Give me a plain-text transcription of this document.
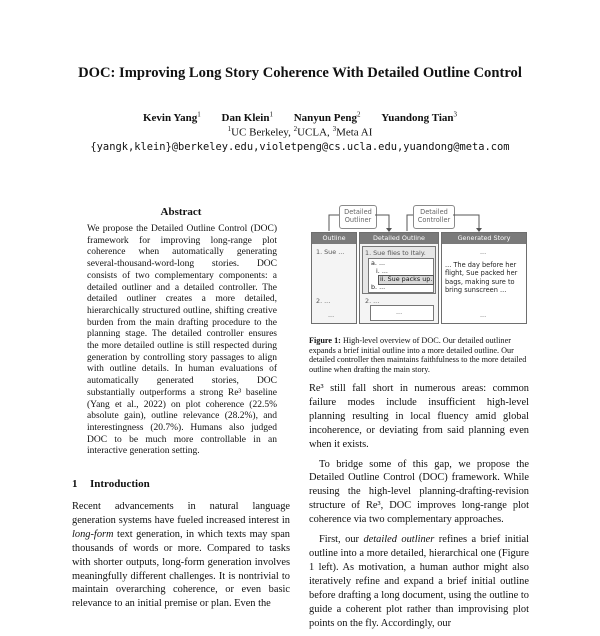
DOC: Improving Long Story Coherence With Detailed Outline Control
Kevin Yang$^1$ Dan Klein$^1$ Nanyun Peng$^2$ Yuandong Tian$^3$
$^1$UC Berkeley, $^2$UCLA, $^3$Meta AI
{yangk,klein}@berkeley.edu,violetpeng@cs.ucla.edu,yuandong@meta.com
Abstract
We propose the Detailed Outline Control (DOC) framework for improving long-range plot coherence when automatically generating several-thousand-word-long stories. DOC consists of two complementary components: a detailed outliner and a detailed controller. The detailed outliner creates a more detailed, hierarchically structured outline, shifting creative burden from the main drafting procedure to the planning stage. The detailed controller ensures the more detailed outline is still respected during generation by controlling story passages to align with outline details. In human evaluations of automatically generated stories, DOC substantially outperforms a strong Re³ baseline (Yang et al., 2022) on plot coherence (22.5% absolute gain), outline relevance (28.2%), and interestingness (20.7%). Humans also judged DOC to be much more controllable in an interactive generation setting.
1 Introduction
Recent advancements in natural language generation systems have fueled increased interest in long-form text generation, in which texts may span thousands of words or more. Compared to tasks with shorter outputs, long-form generation involves meaningfully different challenges. It is nontrivial to maintain overarching coherence, or even basic relevance to an initial premise or plan. Even the
Detailed Outliner
Detailed Controller
Outline
1. Sue ...
2. ...
...
Detailed Outline
1. Sue flies to Italy.
a. ...
i. ...
ii. Sue packs up.
b. ...
2. ...
...
Generated Story
...
... The day before her flight, Sue packed her bags, making sure to bring sunscreen ...
...
Figure 1: High-level overview of DOC. Our detailed outliner expands a brief initial outline into a more detailed outline. Our detailed controller then maintains faithfulness to the more detailed outline when drafting the main story.

Re³ still fall short in numerous areas: common failure modes include insufficient high-level planning resulting in local fluency amid global incoherence, or deviating from said planning even when it exists.

To bridge some of this gap, we propose the Detailed Outline Control (DOC) framework. While reusing the high-level planning-drafting-revision structure of Re³, DOC improves long-range plot coherence via two complementary approaches.

First, our detailed outliner refines a brief initial outline into a more detailed, hierarchical one (Figure 1 left). As motivation, a human author might also iteratively refine and expand a brief initial outline before drafting a long document, using the outline to guide a coherent plot rather than improvising plot points on the fly. Accordingly, our
